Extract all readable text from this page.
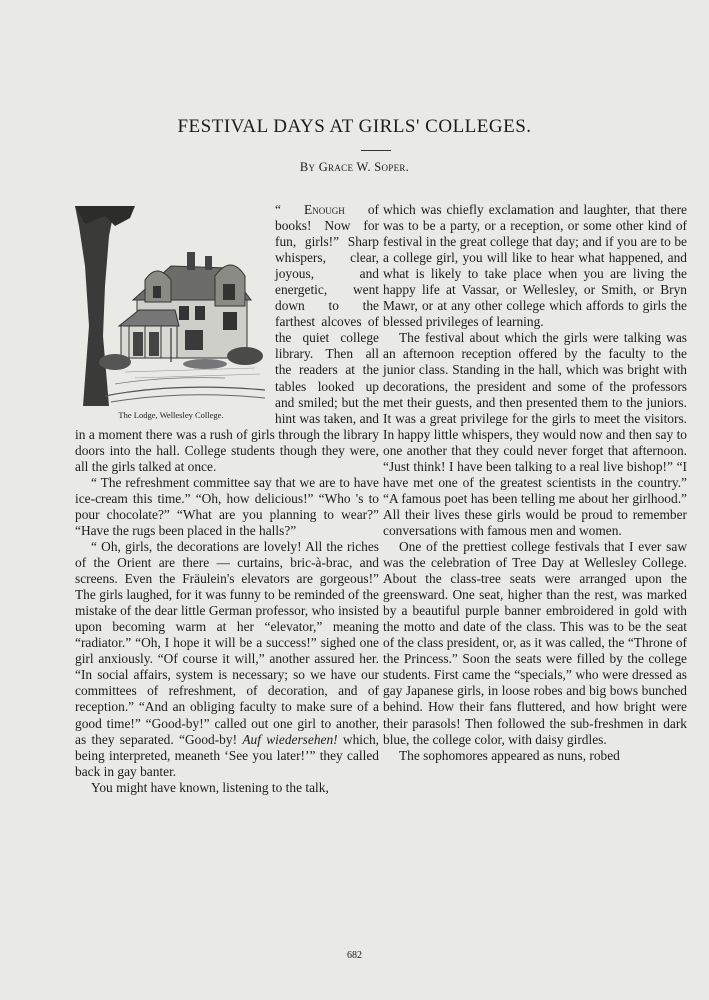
FESTIVAL DAYS AT GIRLS' COLLEGES.
By Grace W. Soper.
The Lodge, Wellesley College.

“ Enough of books! Now for fun, girls!” Sharp whispers, clear, joyous, and energetic, went down to the farthest alcoves of the quiet college library. Then all the readers at the tables looked up and smiled; but the hint was taken, and in a moment there was a rush of girls through the library doors into the hall. College students though they were, all the girls talked at once.

“ The refreshment committee say that we are to have ice-cream this time.” “Oh, how delicious!” “Who 's to pour chocolate?” “What are you planning to wear?” “Have the rugs been placed in the halls?”

“ Oh, girls, the decorations are lovely! All the riches of the Orient are there — curtains, bric-à-brac, and screens. Even the Fräulein's elevators are gorgeous!” The girls laughed, for it was funny to be reminded of the mistake of the dear little German professor, who insisted upon becoming warm at her “elevator,” meaning “radiator.” “Oh, I hope it will be a success!” sighed one girl anxiously. “Of course it will,” another assured her. “In social affairs, system is necessary; so we have our committees of refreshment, of decoration, and of reception.” “And an obliging faculty to make sure of a good time!” “Good-by!” called out one girl to another, as they separated. “Good-by! Auf wiedersehen! which, being interpreted, meaneth ‘See you later!’” they called back in gay banter.

You might have known, listening to the talk,

which was chiefly exclamation and laughter, that there was to be a party, or a reception, or some other kind of festival in the great college that day; and if you are to be a college girl, you will like to hear what happened, and what is likely to take place when you are living the happy life at Vassar, or Wellesley, or Smith, or Bryn Mawr, or at any other college which affords to girls the blessed privileges of learning.

The festival about which the girls were talking was an afternoon reception offered by the faculty to the junior class. Standing in the hall, which was bright with decorations, the president and some of the professors met their guests, and then presented them to the juniors. It was a great privilege for the girls to meet the visitors. In happy little whispers, they would now and then say to one another that they could never forget that afternoon. “Just think! I have been talking to a real live bishop!” “I have met one of the greatest scientists in the country.” “A famous poet has been telling me about her girlhood.” All their lives these girls would be proud to remember conversations with famous men and women.

One of the prettiest college festivals that I ever saw was the celebration of Tree Day at Wellesley College. About the class-tree seats were arranged upon the greensward. One seat, higher than the rest, was marked by a beautiful purple banner embroidered in gold with the motto and date of the class. This was to be the seat of the class president, or, as it was called, the “Throne of the Princess.” Soon the seats were filled by the college students. First came the “specials,” who were dressed as gay Japanese girls, in loose robes and big bows bunched behind. How their fans fluttered, and how bright were their parasols! Then followed the sub-freshmen in dark blue, the college color, with daisy girdles.

The sophomores appeared as nuns, robed

682
